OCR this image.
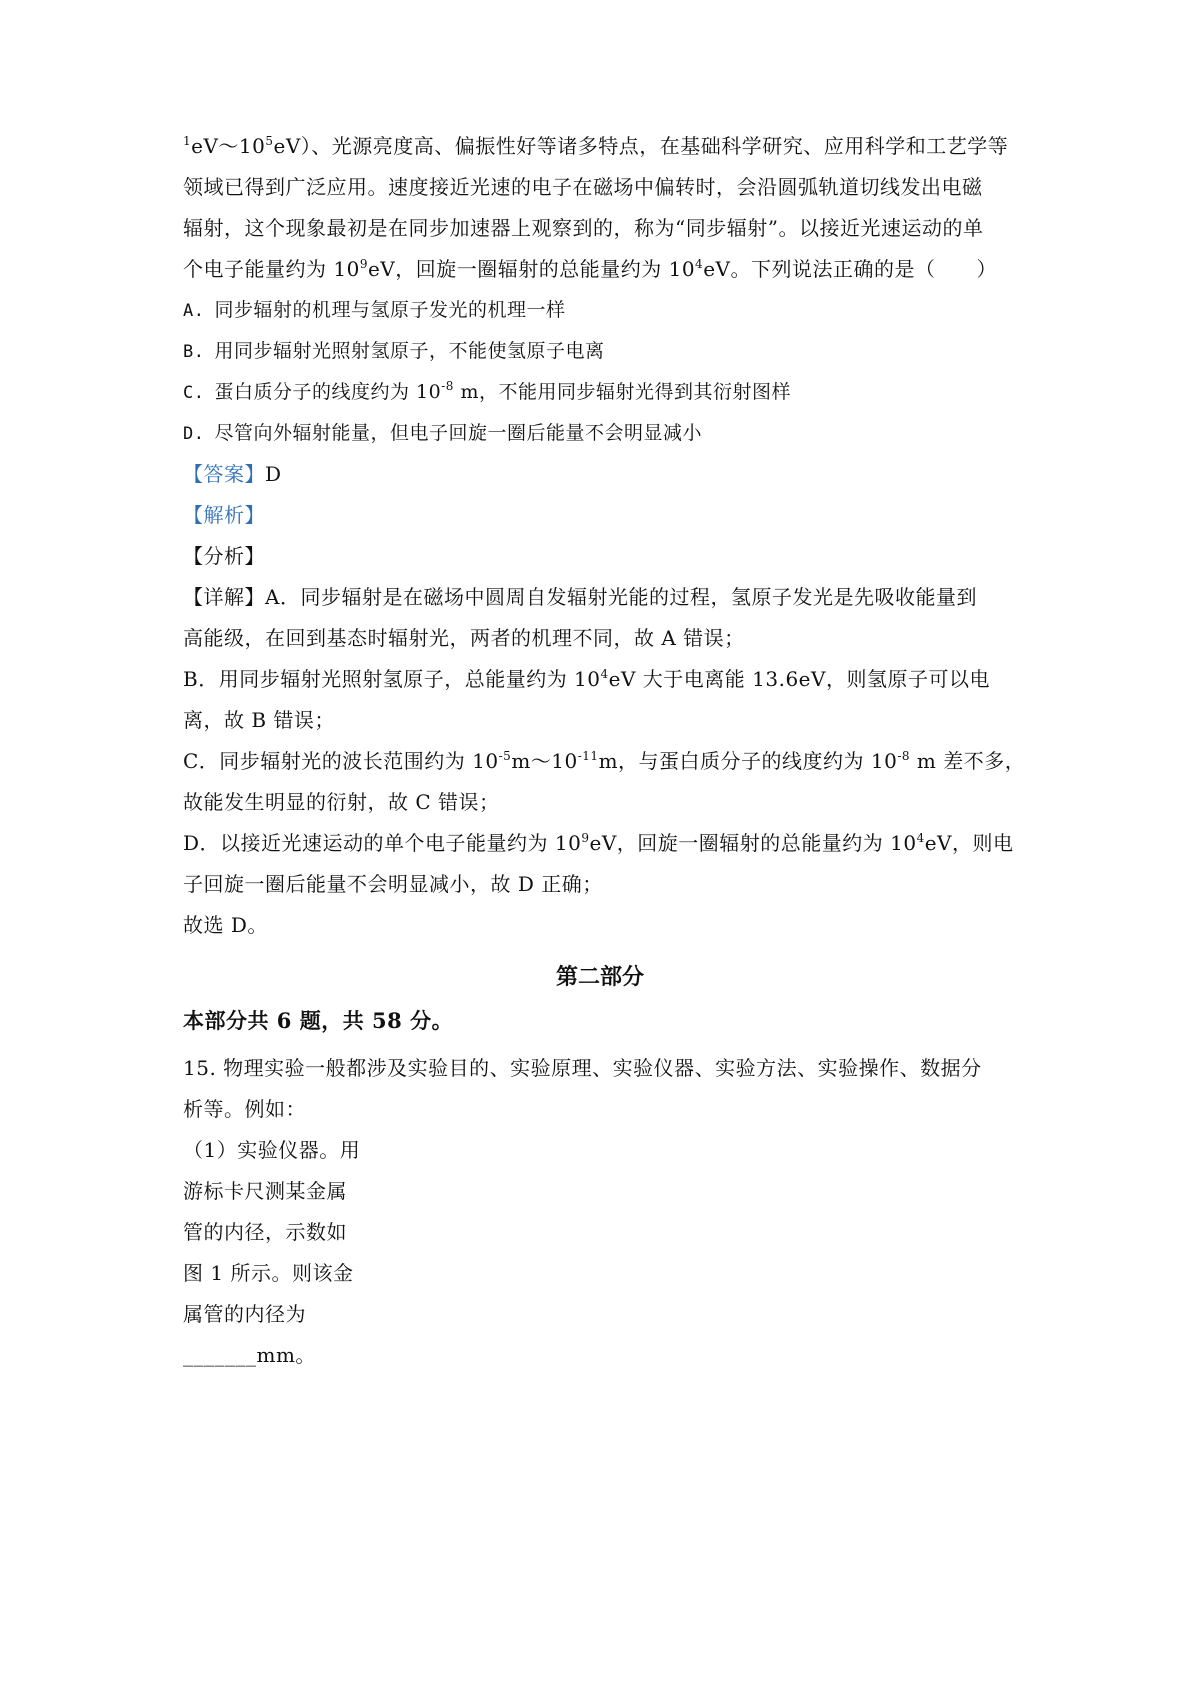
$^1eV\sim 10^5eV$）、光源亮度高、偏振性好等诸多特点，在基础科学研究、应用科学和工艺学等
领域已得到广泛应用。速度接近光速的电子在磁场中偏转时，会沿圆弧轨道切线发出电磁
辐射，这个现象最初是在同步加速器上观察到的，称为“同步辐射”。以接近光速运动的单
个电子能量约为 $10^9eV$，回旋一圈辐射的总能量约为 $10^4eV$。下列说法正确的是（　　）
A. 同步辐射的机理与氢原子发光的机理一样
B. 用同步辐射光照射氢原子，不能使氢原子电离
C. 蛋白质分子的线度约为 $10^{-8}$ m，不能用同步辐射光得到其衍射图样
D. 尽管向外辐射能量，但电子回旋一圈后能量不会明显减小
【答案】D
【解析】
【分析】
【详解】A．同步辐射是在磁场中圆周自发辐射光能的过程，氢原子发光是先吸收能量到
高能级，在回到基态时辐射光，两者的机理不同，故 A 错误；
B．用同步辐射光照射氢原子，总能量约为 $10^4eV$ 大于电离能 13.6eV，则氢原子可以电
离，故 B 错误；
C．同步辐射光的波长范围约为 $10^{-5}m\sim 10^{-11}m$，与蛋白质分子的线度约为 $10^{-8}$ m 差不多，
故能发生明显的衍射，故 C 错误；
D．以接近光速运动的单个电子能量约为 $10^9eV$，回旋一圈辐射的总能量约为 $10^4eV$，则电
子回旋一圈后能量不会明显减小，故 D 正确；
故选 D。
第二部分
本部分共 6 题，共 58 分。
15. 物理实验一般都涉及实验目的、实验原理、实验仪器、实验方法、实验操作、数据分
析等。例如：
（1）实验仪器。用
游标卡尺测某金属
管的内径，示数如
图 1 所示。则该金
属管的内径为
_______mm。
